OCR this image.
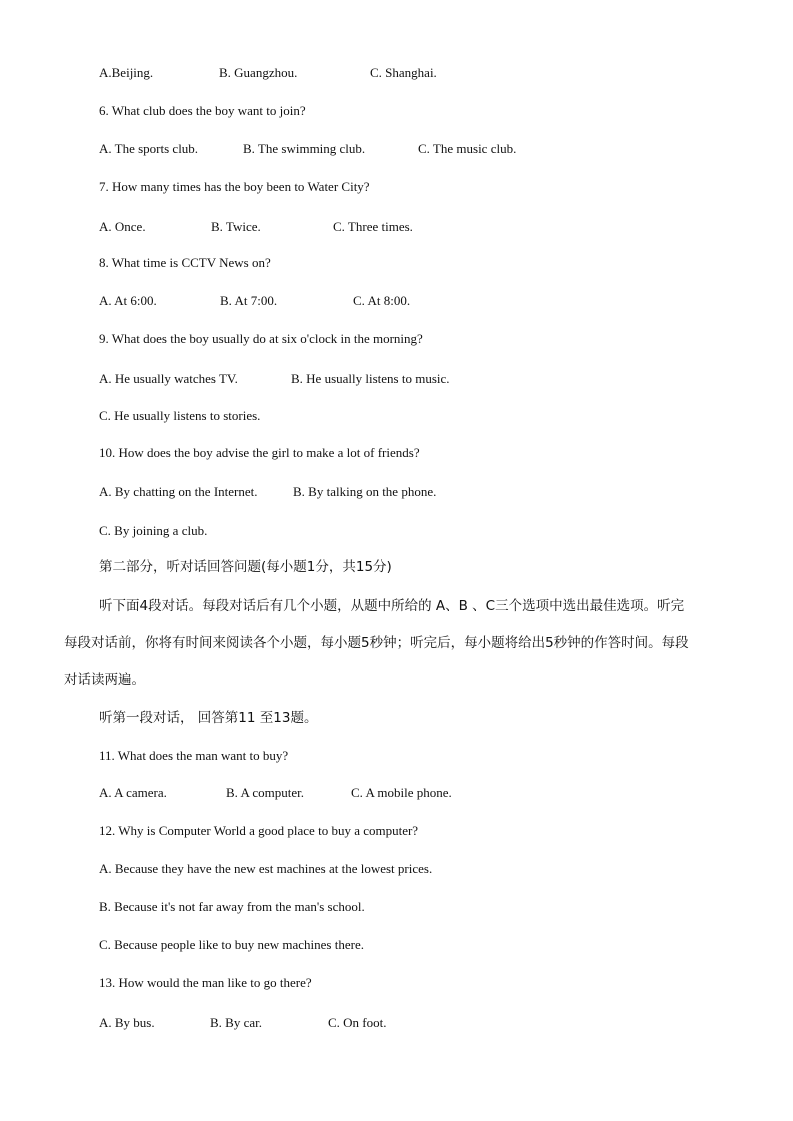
A.Beijing.	B. Guangzhou.	C. Shanghai.
6. What club does the boy want to join?
A. The sports club.	B. The swimming club.	C. The music club.
7. How many times has the boy been to Water City?
A. Once.	B. Twice.	C. Three times.
8. What time is CCTV News on?
A. At 6:00.	B. At 7:00.	C. At 8:00.
9. What does the boy usually do at six o'clock in the morning?
A. He usually watches TV.	B. He usually listens to music.
C. He usually listens to stories.
10. How does the boy advise the girl to make a lot of friends?
A. By chatting on the Internet.	B. By talking on the phone.
C. By joining a club.
第二部分，听对话回答问题(每小题1分，共15分)
听下面4段对话。每段对话后有几个小题，从题中所给的 A、B 、C三个选项中选出最佳选项。听完
每段对话前，你将有时间来阅读各个小题，每小题5秒钟；听完后，每小题将给出5秒钟的作答时间。每段
对话读两遍。
听第一段对话， 回答第11 至13题。
11. What does the man want to buy?
A. A camera.	B. A computer.	C. A mobile phone.
12. Why is Computer World a good place to buy a computer?
A. Because they have the new est machines at the lowest prices.
B. Because it's not far away from the man's school.
C. Because people like to buy new machines there.
13. How would the man like to go there?
A. By bus.	B. By car.	C. On foot.
